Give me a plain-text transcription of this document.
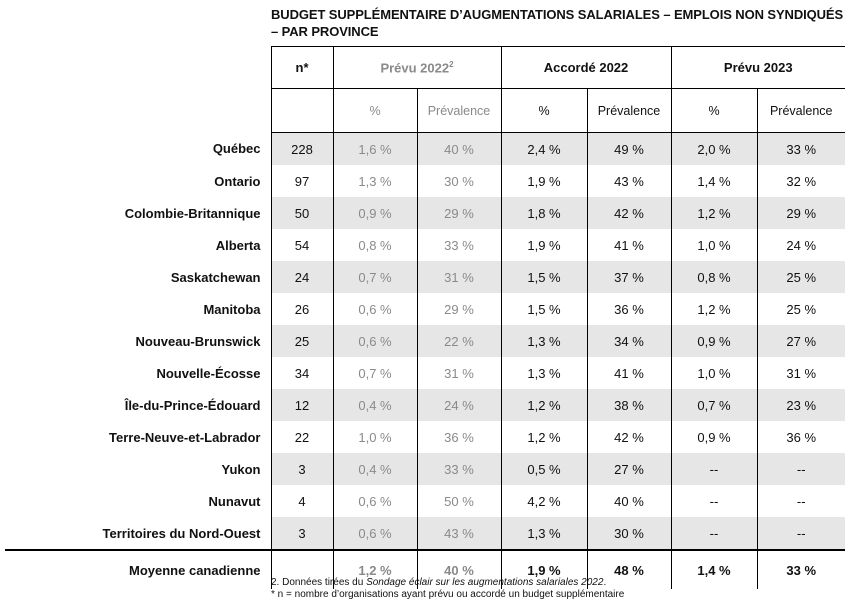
BUDGET SUPPLÉMENTAIRE D’AUGMENTATIONS SALARIALES – EMPLOIS NON SYNDIQUÉS – PAR PROVINCE
	n*	Prévu 2022$^2$		Accordé 2022		Prévu 2023	
		%	Prévalence	%	Prévalence	%	Prévalence
Québec	228	1,6 %	40 %	2,4 %	49 %	2,0 %	33 %
Ontario	97	1,3 %	30 %	1,9 %	43 %	1,4 %	32 %
Colombie-Britannique	50	0,9 %	29 %	1,8 %	42 %	1,2 %	29 %
Alberta	54	0,8 %	33 %	1,9 %	41 %	1,0 %	24 %
Saskatchewan	24	0,7 %	31 %	1,5 %	37 %	0,8 %	25 %
Manitoba	26	0,6 %	29 %	1,5 %	36 %	1,2 %	25 %
Nouveau-Brunswick	25	0,6 %	22 %	1,3 %	34 %	0,9 %	27 %
Nouvelle-Écosse	34	0,7 %	31 %	1,3 %	41 %	1,0 %	31 %
Île-du-Prince-Édouard	12	0,4 %	24 %	1,2 %	38 %	0,7 %	23 %
Terre-Neuve-et-Labrador	22	1,0 %	36 %	1,2 %	42 %	0,9 %	36 %
Yukon	3	0,4 %	33 %	0,5 %	27 %	--	--
Nunavut	4	0,6 %	50 %	4,2 %	40 %	--	--
Territoires du Nord-Ouest	3	0,6 %	43 %	1,3 %	30 %	--	--
Moyenne canadienne		1,2 %	40 %	1,9 %	48 %	1,4 %	33 %
2. Données tirées du Sondage éclair sur les augmentations salariales 2022.
* n = nombre d’organisations ayant prévu ou accordé un budget supplémentaire
